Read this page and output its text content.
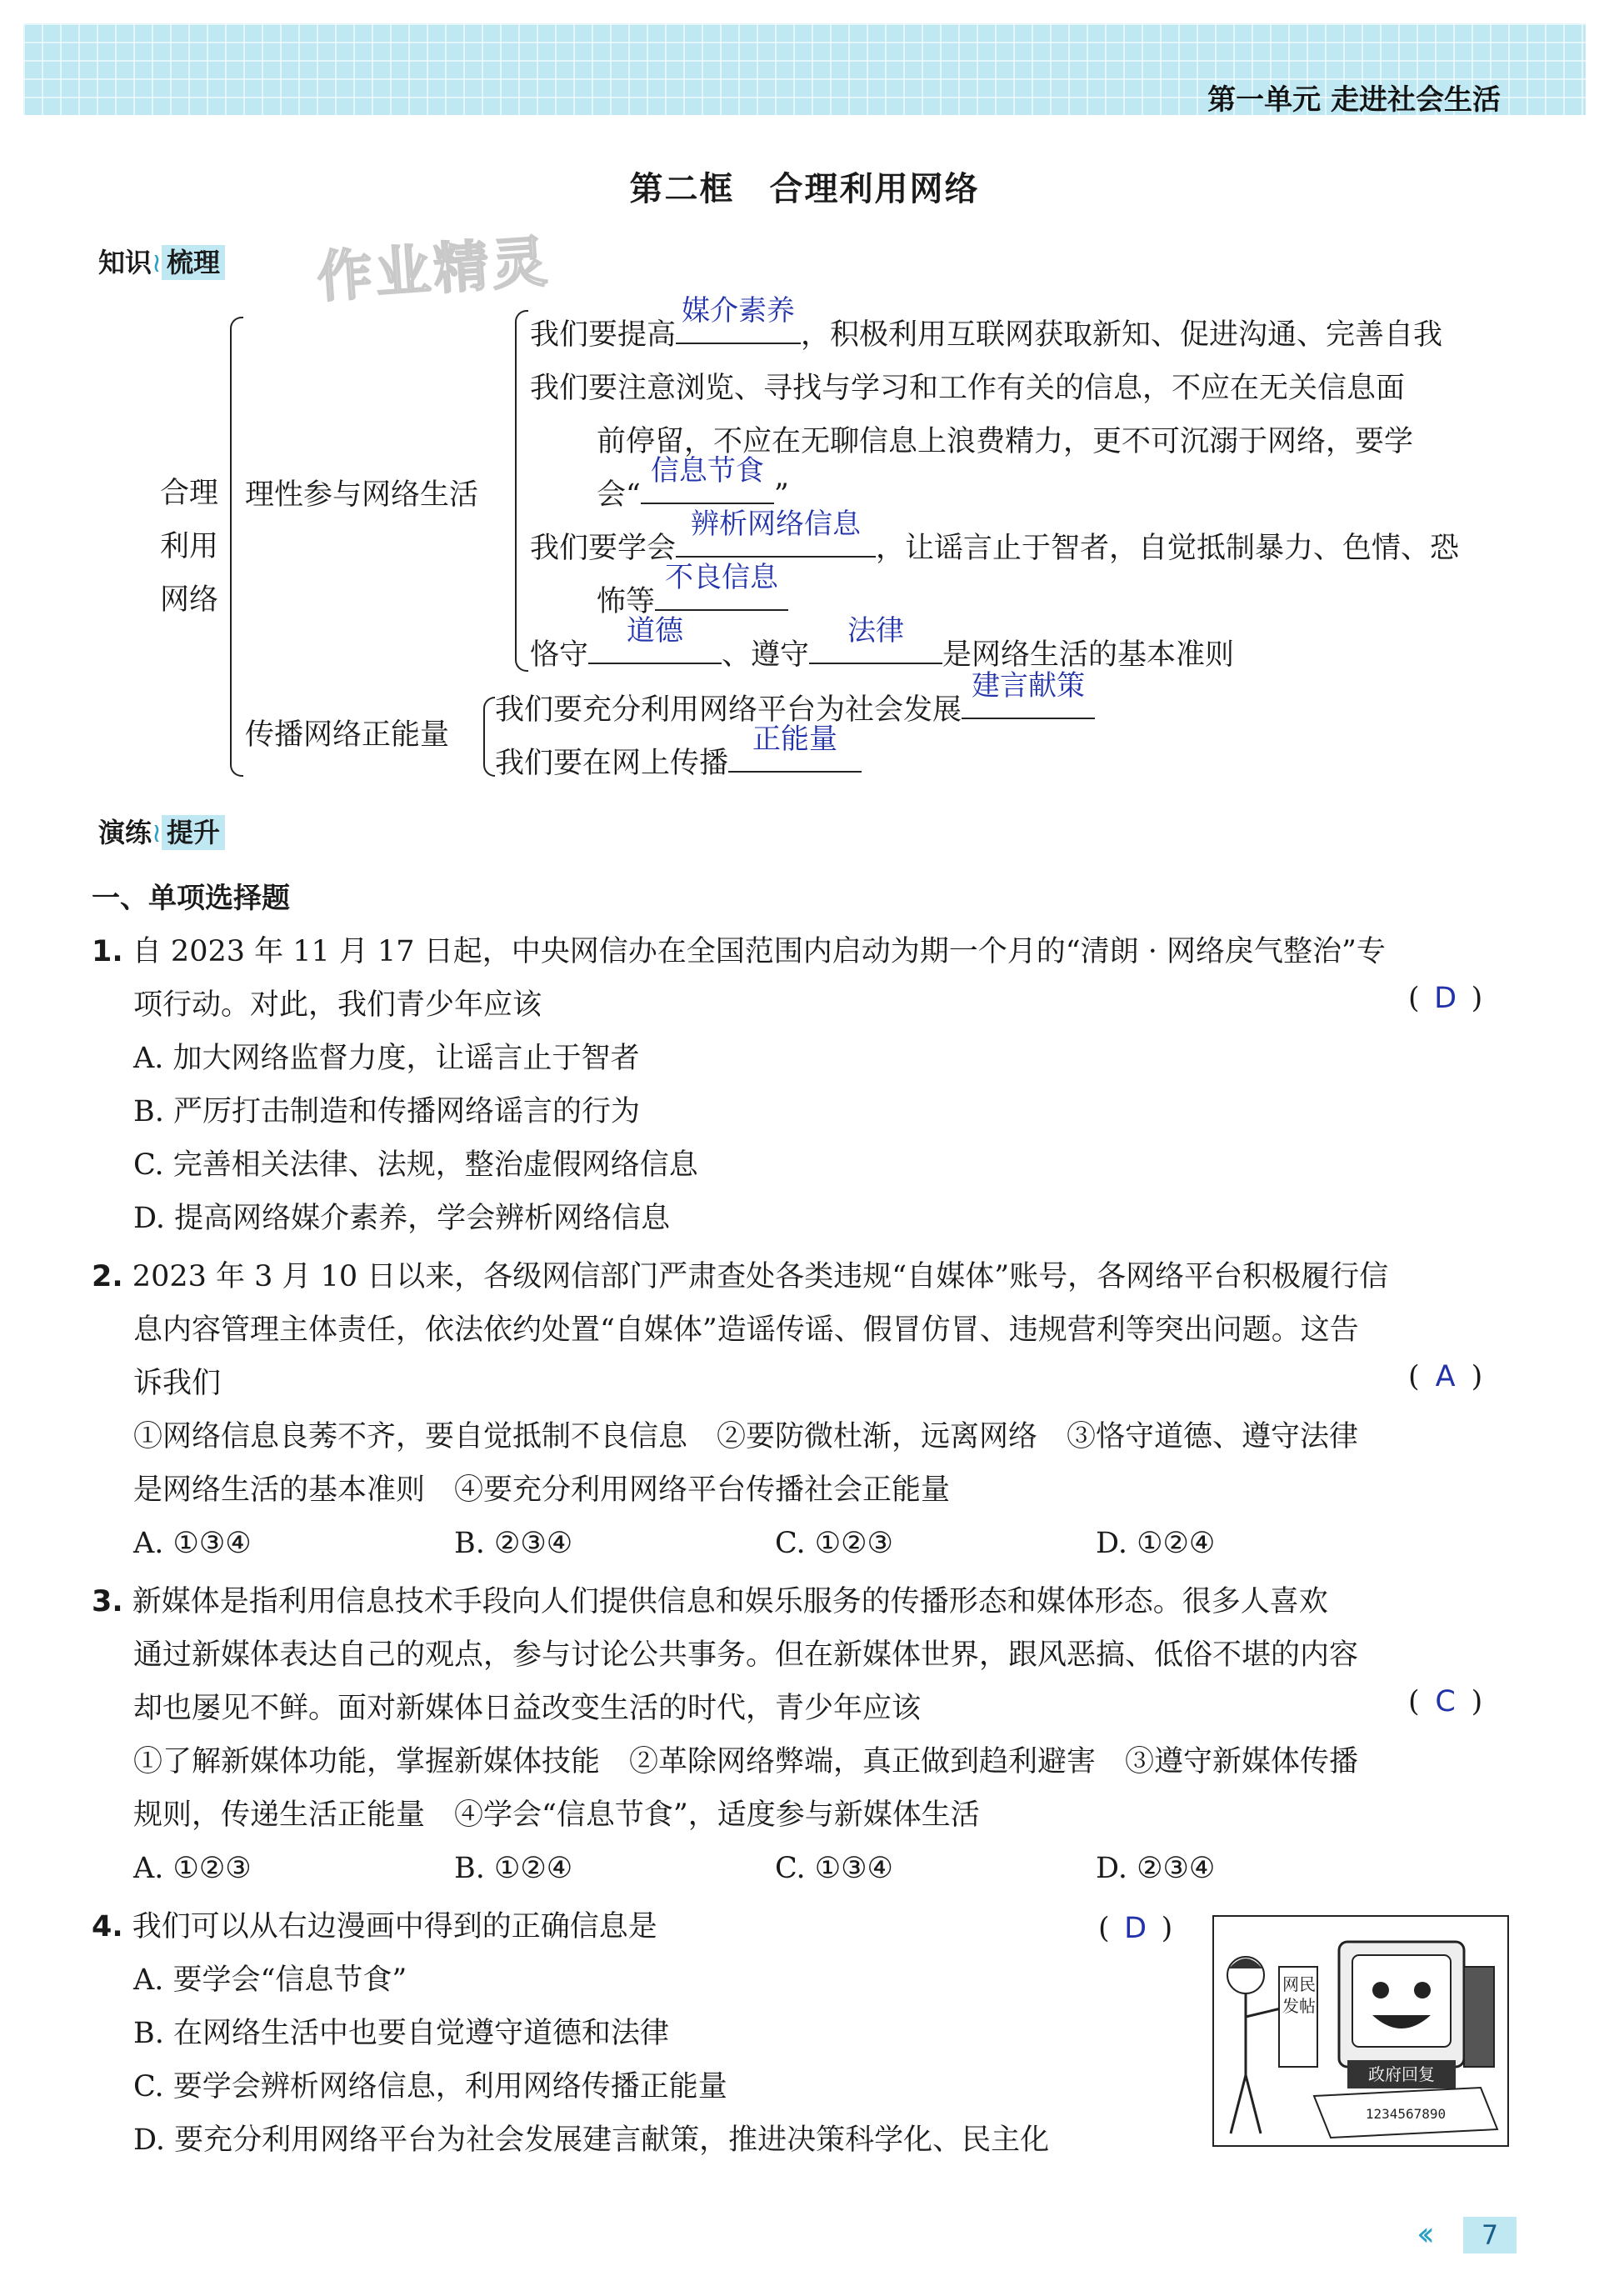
第一单元 走进社会生活
第二框　合理利用网络
知识≀ 梳理 作业精灵
合理
利用
网络
理性参与网络生活
我们要提高
媒介素养
，积极利用互联网获取新知、促进沟通、完善自我
我们要注意浏览、寻找与学习和工作有关的信息，不应在无关信息面
前停留，不应在无聊信息上浪费精力，更不可沉溺于网络，要学
会“
信息节食
”
我们要学会
辨析网络信息
，让谣言止于智者，自觉抵制暴力、色情、恐
怖等
不良信息
恪守
道德
、遵守
法律
是网络生活的基本准则
传播网络正能量
我们要充分利用网络平台为社会发展
建言献策
我们要在网上传播
正能量
演练≀ 提升
一、单项选择题
1. 自 2023 年 11 月 17 日起，中央网信办在全国范围内启动为期一个月的“清朗 · 网络戾气整治”专
项行动。对此，我们青少年应该
A. 加大网络监督力度，让谣言止于智者
B. 严厉打击制造和传播网络谣言的行为
C. 完善相关法律、法规，整治虚假网络信息
D. 提高网络媒介素养，学会辨析网络信息
( D )
2. 2023 年 3 月 10 日以来，各级网信部门严肃查处各类违规“自媒体”账号，各网络平台积极履行信
息内容管理主体责任，依法依约处置“自媒体”造谣传谣、假冒仿冒、违规营利等突出问题。这告
诉我们
①网络信息良莠不齐，要自觉抵制不良信息　②要防微杜渐，远离网络　③恪守道德、遵守法律
是网络生活的基本准则　④要充分利用网络平台传播社会正能量
A. ①③④	B. ②③④	C. ①②③	D. ①②④
( A )
3. 新媒体是指利用信息技术手段向人们提供信息和娱乐服务的传播形态和媒体形态。很多人喜欢
通过新媒体表达自己的观点，参与讨论公共事务。但在新媒体世界，跟风恶搞、低俗不堪的内容
却也屡见不鲜。面对新媒体日益改变生活的时代，青少年应该
①了解新媒体功能，掌握新媒体技能　②革除网络弊端，真正做到趋利避害　③遵守新媒体传播
规则，传递生活正能量　④学会“信息节食”，适度参与新媒体生活
A. ①②③	B. ①②④	C. ①③④	D. ②③④
( C )
4. 我们可以从右边漫画中得到的正确信息是
A. 要学会“信息节食”
B. 在网络生活中也要自觉遵守道德和法律
C. 要学会辨析网络信息，利用网络传播正能量
D. 要充分利用网络平台为社会发展建言献策，推进决策科学化、民主化
( D )
政府回复
1234567890
网民发帖
‹‹	7
